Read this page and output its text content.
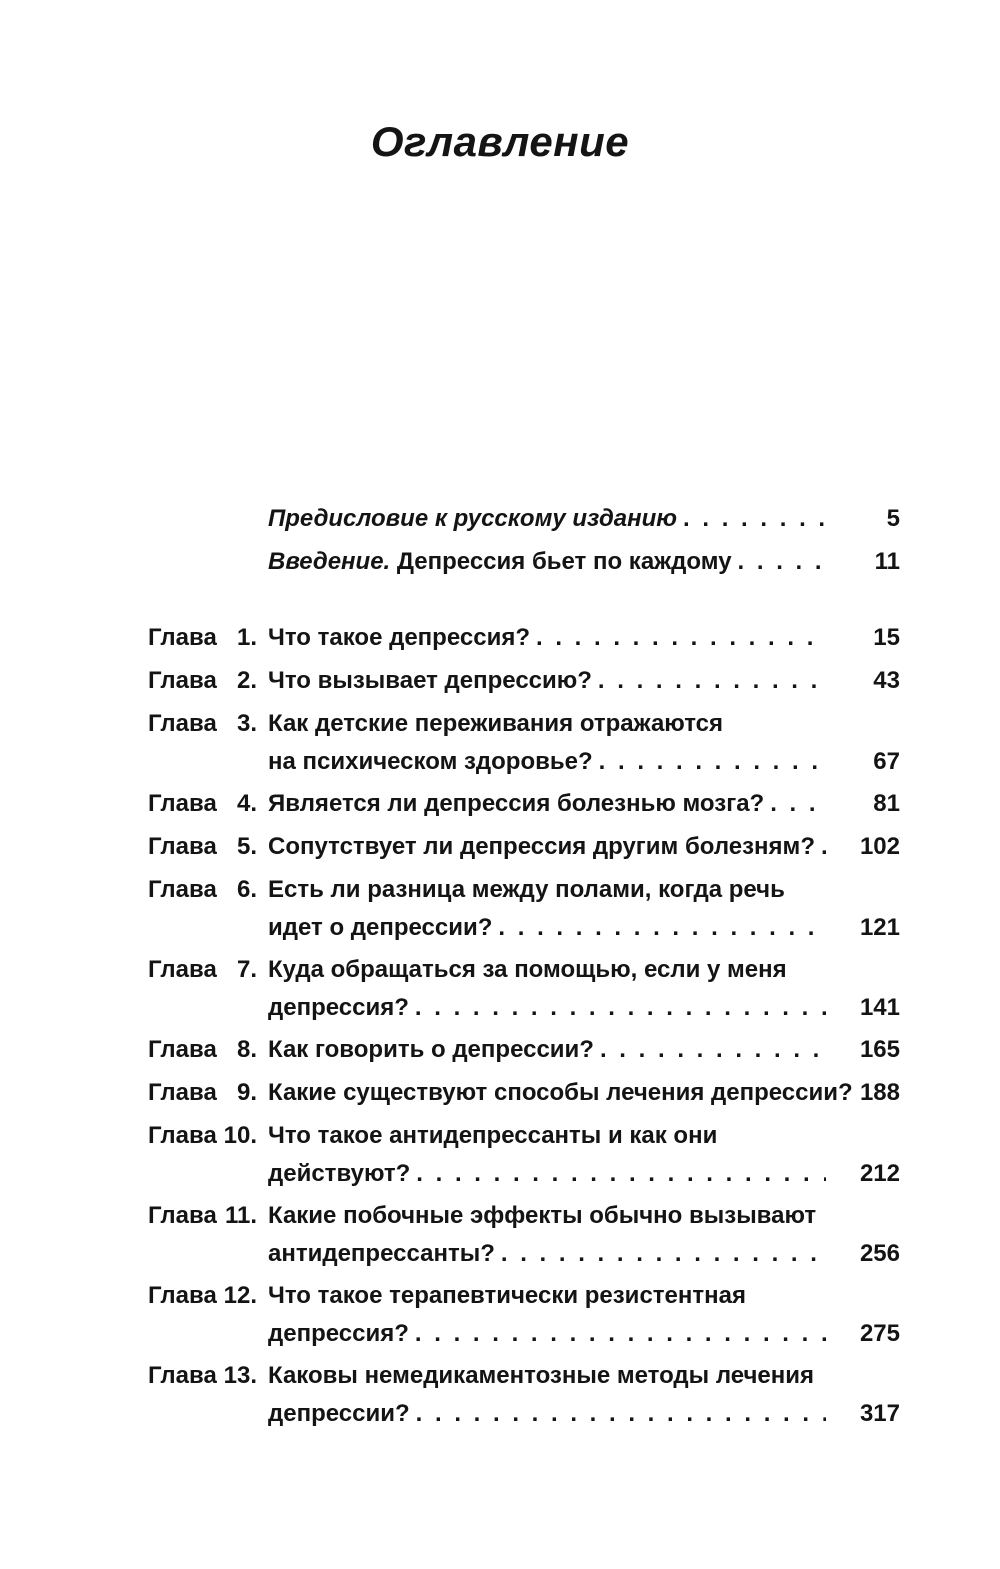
Оглавление
Предисловие к русскому изданию . . .	5
Введение. Депрессия бьет по каждому . . .	11
Глава 1. Что такое депрессия? . . .	15
Глава 2. Что вызывает депрессию? . . .	43
Глава 3. Как детские переживания отражаются
на психическом здоровье? . . .	67
Глава 4. Является ли депрессия болезнью мозга? . . .	81
Глава 5. Сопутствует ли депрессия другим болезням? . . .	102
Глава 6. Есть ли разница между полами, когда речь
идет о депрессии? . . .	121
Глава 7. Куда обращаться за помощью, если у меня
депрессия? . . .	141
Глава 8. Как говорить о депрессии? . . .	165
Глава 9. Какие существуют способы лечения депрессии? . . . 188
Глава 10. Что такое антидепрессанты и как они
действуют? . . .	212
Глава 11. Какие побочные эффекты обычно вызывают
антидепрессанты? . . .	256
Глава 12. Что такое терапевтически резистентная
депрессия? . . .	275
Глава 13. Каковы немедикаментозные методы лечения
депрессии? . . .	317
